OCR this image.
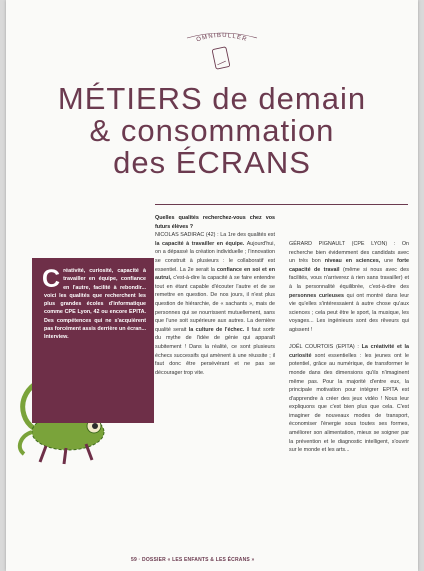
OMNIBULLER
MÉTIERS de demain
& consommation
des ÉCRANS
Créativité, curiosité, capacité à travailler en équipe, confiance en l'autre, facilité à rebondir... voici les qualités que recherchent les plus grandes écoles d'informatique comme CPE Lyon, 42 ou encore EPITA. Des compétences qui ne s'acquièrent pas forcément assis derrière un écran... Interview.
Quelles qualités recherchez-vous chez vos futurs élèves ?
NICOLAS SADIRAC (42) : La 1re des qualités est la capacité à travailler en équipe. Aujourd'hui, on a dépassé la création individuelle ; l'innovation se construit à plusieurs : le collaboratif est essentiel. La 2e serait la confiance en soi et en autrui, c'est-à-dire la capacité à se faire entendre tout en étant capable d'écouter l'autre et de se remettre en question. De nos jours, il n'est plus question de hiérarchie, de « sachants », mais de personnes qui se nourrissent mutuellement, sans que l'une soit supérieure aux autres. La dernière qualité serait la culture de l'échec. Il faut sortir du mythe de l'idée de génie qui apparaît subitement ! Dans la réalité, ce sont plusieurs échecs successifs qui amènent à une réussite ; il faut donc être persévérant et ne pas se décourager trop vite.
GÉRARD PIGNAULT (CPE LYON) : On recherche bien évidemment des candidats avec un très bon niveau en sciences, une forte capacité de travail (même si nous avec des facilités, vous n'arriverez à rien sans travailler) et à la personnalité équilibrée, c'est-à-dire des personnes curieuses qui ont montré dans leur vie qu'elles s'intéressaient à autre chose qu'aux sciences ; cela peut être le sport, la musique, les voyages... Les ingénieurs sont des rêveurs qui agissent !

JOËL COURTOIS (EPITA) : La créativité et la curiosité sont essentielles : les jeunes ont le potentiel, grâce au numérique, de transformer le monde dans des dimensions qu'ils n'imaginent même pas. Pour la majorité d'entre eux, la principale motivation pour intégrer EPITA est d'apprendre à créer des jeux vidéo ! Nous leur expliquons que c'est bien plus que cela. C'est imaginer de nouveaux modes de transport, économiser l'énergie sous toutes ses formes, améliorer son alimentation, mieux se soigner par la prévention et le diagnostic intelligent, s'ouvrir sur le monde et les arts...
59 · DOSSIER « LES ENFANTS & LES ÉCRANS »
